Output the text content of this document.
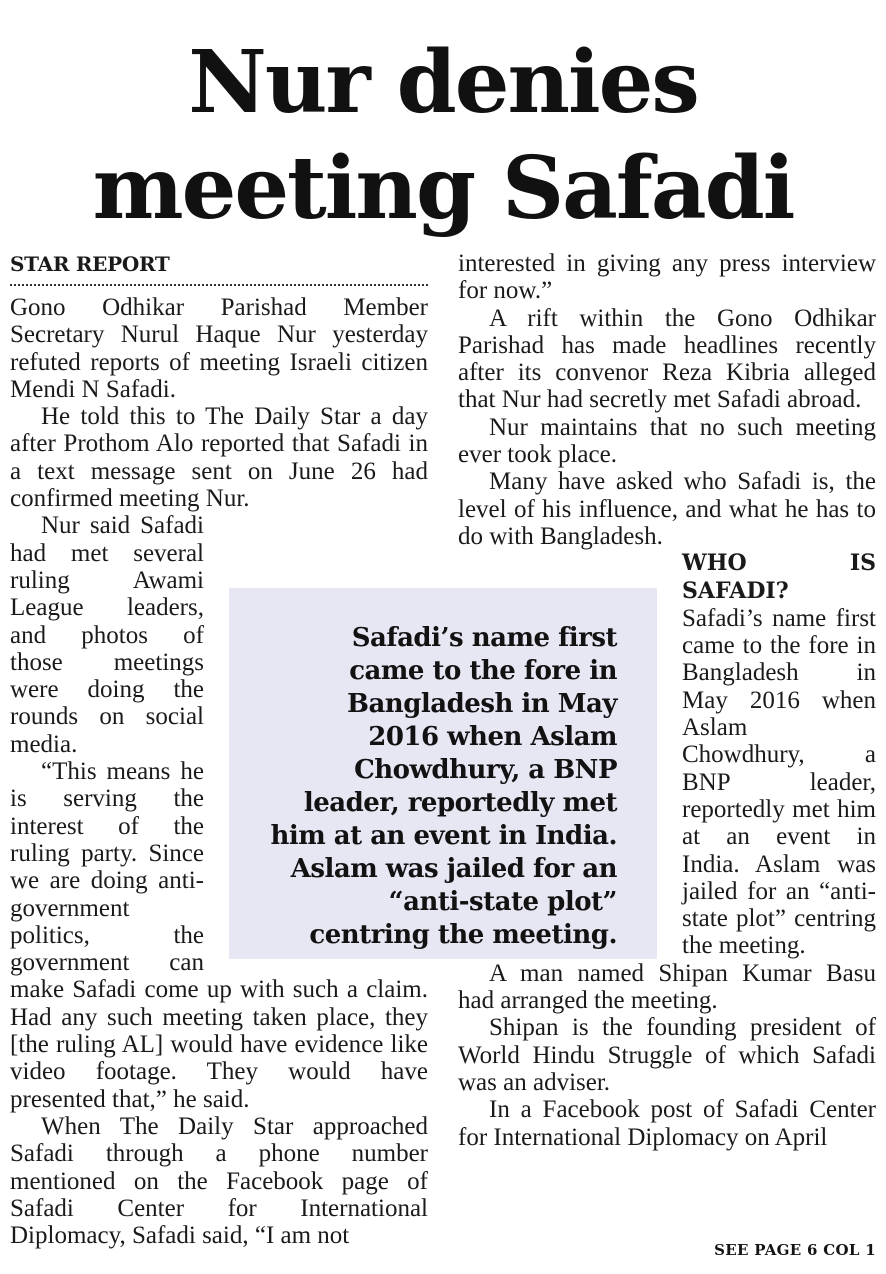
Nur denies
meeting Safadi
STAR REPORT

Gono Odhikar Parishad Member Secretary Nurul Haque Nur yesterday refuted reports of meeting Israeli citizen Mendi N Safadi.

He told this to The Daily Star a day after Prothom Alo reported that Safadi in a text message sent on June 26 had confirmed meeting Nur.

Nur said Safadi had met several ruling Awami League leaders, and photos of those meetings were doing the rounds on social media.

“This means he is serving the interest of the ruling party. Since we are doing anti-government politics, the government can make Safadi come up with such a claim. Had any such meeting taken place, they [the ruling AL] would have evidence like video footage. They would have presented that,” he said.

When The Daily Star approached Safadi through a phone number mentioned on the Facebook page of Safadi Center for International Diplomacy, Safadi said, “I am not

interested in giving any press interview for now.”

A rift within the Gono Odhikar Parishad has made headlines recently after its convenor Reza Kibria alleged that Nur had secretly met Safadi abroad.

Nur maintains that no such meeting ever took place.

Many have asked who Safadi is, the level of his influence, and what he has to do with Bangladesh.

WHO IS SAFADI?

Safadi’s name first came to the fore in Bangladesh in May 2016 when Aslam Chowdhury, a BNP leader, reportedly met him at an event in India. Aslam was jailed for an “anti-state plot” centring the meeting.

A man named Shipan Kumar Basu had arranged the meeting.

Shipan is the founding president of World Hindu Struggle of which Safadi was an adviser.

In a Facebook post of Safadi Center for International Diplomacy on April

Safadi’s name first came to the fore in Bangladesh in May 2016 when Aslam Chowdhury, a BNP leader, reportedly met him at an event in India. Aslam was jailed for an “anti-state plot” centring the meeting.
SEE PAGE 6 COL 1
